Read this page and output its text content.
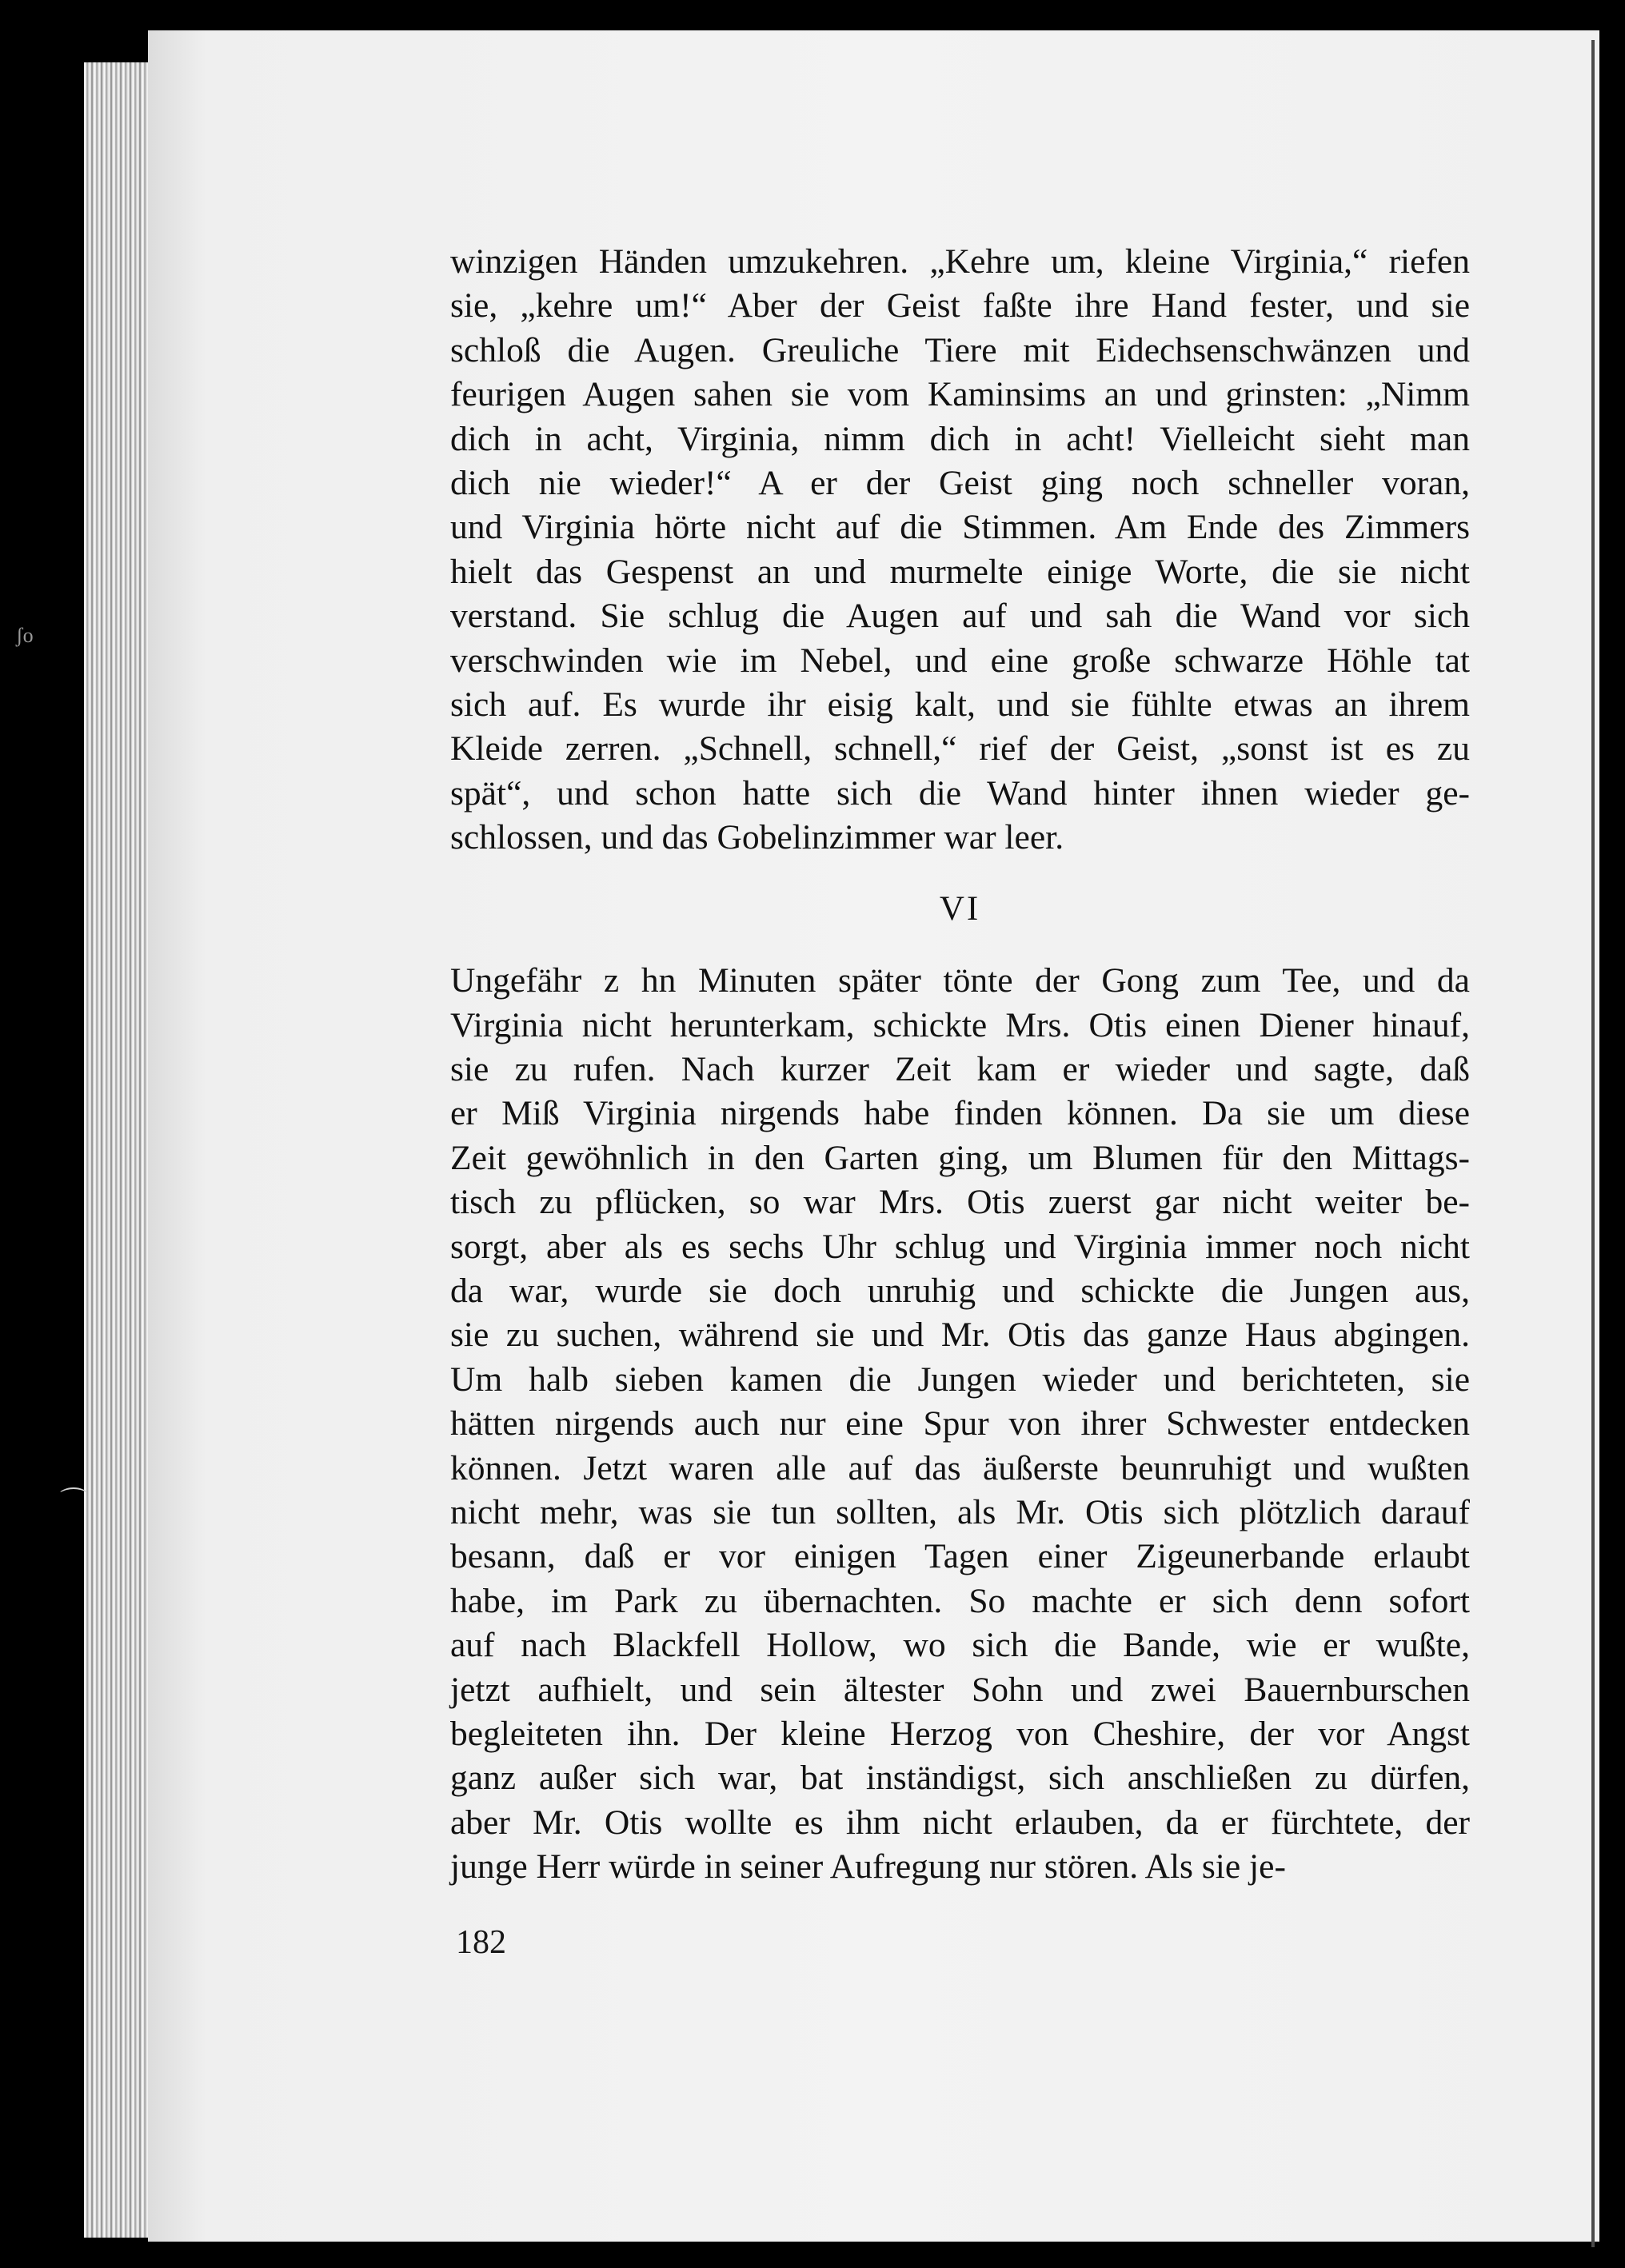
ʃo
⌒
winzigen Händen umzukehren. „Kehre um, kleine Virginia,“ riefen
sie, „kehre um!“ Aber der Geist faßte ihre Hand fester, und sie
schloß die Augen. Greuliche Tiere mit Eidechsenschwänzen und
feurigen Augen sahen sie vom Kaminsims an und grinsten: „Nimm
dich in acht, Virginia, nimm dich in acht! Vielleicht sieht man
dich nie wieder!“ A er der Geist ging noch schneller voran,
und Virginia hörte nicht auf die Stimmen. Am Ende des Zimmers
hielt das Gespenst an und murmelte einige Worte, die sie nicht
verstand. Sie schlug die Augen auf und sah die Wand vor sich
verschwinden wie im Nebel, und eine große schwarze Höhle tat
sich auf. Es wurde ihr eisig kalt, und sie fühlte etwas an ihrem
Kleide zerren. „Schnell, schnell,“ rief der Geist, „sonst ist es zu
spät“, und schon hatte sich die Wand hinter ihnen wieder ge-
schlossen, und das Gobelinzimmer war leer.
VI
Ungefähr z hn Minuten später tönte der Gong zum Tee, und da
Virginia nicht herunterkam, schickte Mrs. Otis einen Diener hinauf,
sie zu rufen. Nach kurzer Zeit kam er wieder und sagte, daß
er Miß Virginia nirgends habe finden können. Da sie um diese
Zeit gewöhnlich in den Garten ging, um Blumen für den Mittags-
tisch zu pflücken, so war Mrs. Otis zuerst gar nicht weiter be-
sorgt, aber als es sechs Uhr schlug und Virginia immer noch nicht
da war, wurde sie doch unruhig und schickte die Jungen aus,
sie zu suchen, während sie und Mr. Otis das ganze Haus abgingen.
Um halb sieben kamen die Jungen wieder und berichteten, sie
hätten nirgends auch nur eine Spur von ihrer Schwester entdecken
können. Jetzt waren alle auf das äußerste beunruhigt und wußten
nicht mehr, was sie tun sollten, als Mr. Otis sich plötzlich darauf
besann, daß er vor einigen Tagen einer Zigeunerbande erlaubt
habe, im Park zu übernachten. So machte er sich denn sofort
auf nach Blackfell Hollow, wo sich die Bande, wie er wußte,
jetzt aufhielt, und sein ältester Sohn und zwei Bauernburschen
begleiteten ihn. Der kleine Herzog von Cheshire, der vor Angst
ganz außer sich war, bat inständigst, sich anschließen zu dürfen,
aber Mr. Otis wollte es ihm nicht erlauben, da er fürchtete, der
junge Herr würde in seiner Aufregung nur stören. Als sie je-
182
